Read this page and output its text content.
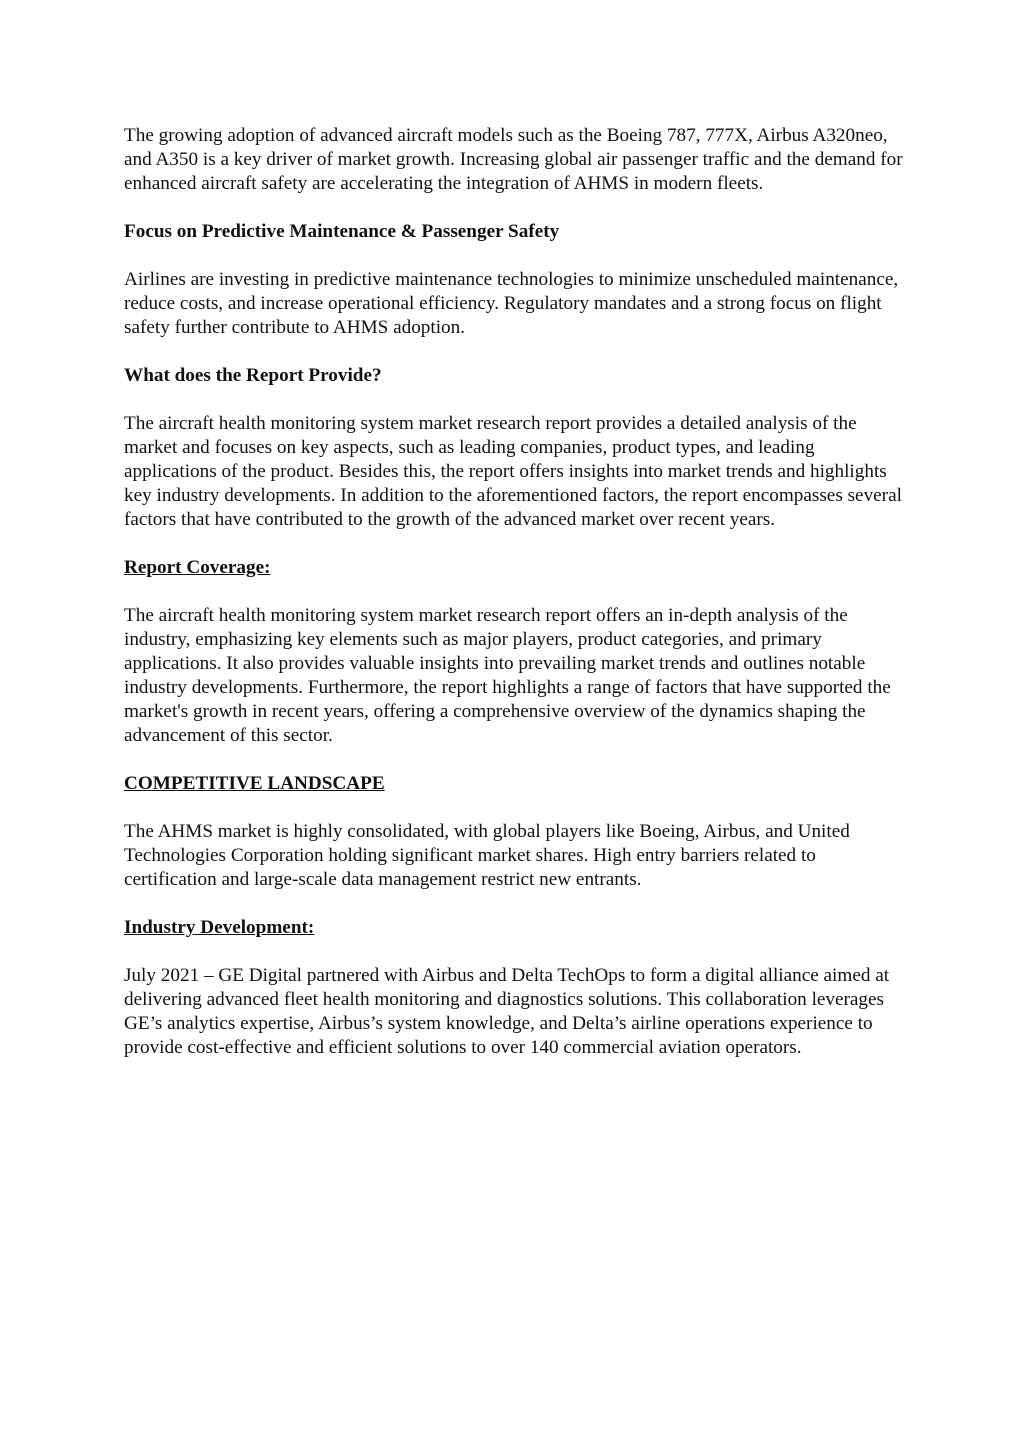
The growing adoption of advanced aircraft models such as the Boeing 787, 777X, Airbus A320neo, and A350 is a key driver of market growth. Increasing global air passenger traffic and the demand for enhanced aircraft safety are accelerating the integration of AHMS in modern fleets.

Focus on Predictive Maintenance & Passenger Safety

Airlines are investing in predictive maintenance technologies to minimize unscheduled maintenance, reduce costs, and increase operational efficiency. Regulatory mandates and a strong focus on flight safety further contribute to AHMS adoption.

What does the Report Provide?

The aircraft health monitoring system market research report provides a detailed analysis of the market and focuses on key aspects, such as leading companies, product types, and leading applications of the product. Besides this, the report offers insights into market trends and highlights key industry developments. In addition to the aforementioned factors, the report encompasses several factors that have contributed to the growth of the advanced market over recent years.

Report Coverage:

The aircraft health monitoring system market research report offers an in-depth analysis of the industry, emphasizing key elements such as major players, product categories, and primary applications. It also provides valuable insights into prevailing market trends and outlines notable industry developments. Furthermore, the report highlights a range of factors that have supported the market's growth in recent years, offering a comprehensive overview of the dynamics shaping the advancement of this sector.

COMPETITIVE LANDSCAPE

The AHMS market is highly consolidated, with global players like Boeing, Airbus, and United Technologies Corporation holding significant market shares. High entry barriers related to certification and large-scale data management restrict new entrants.

Industry Development:

July 2021 – GE Digital partnered with Airbus and Delta TechOps to form a digital alliance aimed at delivering advanced fleet health monitoring and diagnostics solutions. This collaboration leverages GE’s analytics expertise, Airbus’s system knowledge, and Delta’s airline operations experience to provide cost-effective and efficient solutions to over 140 commercial aviation operators.
